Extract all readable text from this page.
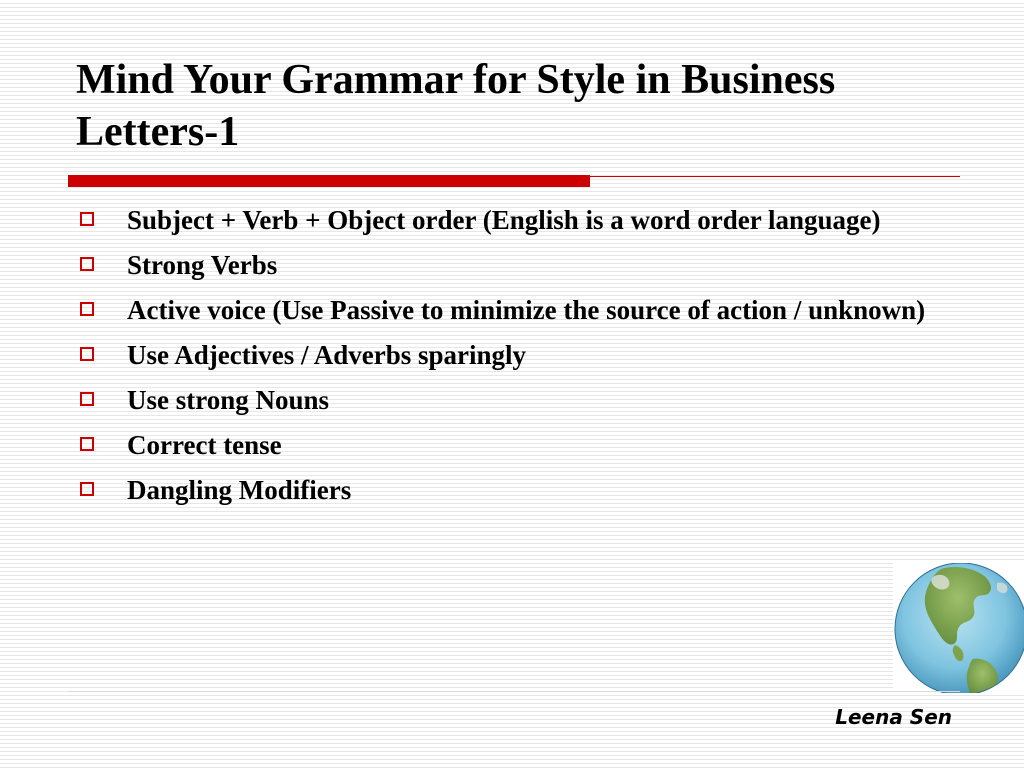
Mind Your Grammar for Style in Business Letters-1
Subject + Verb + Object order (English is a word order language)
Strong Verbs
Active voice (Use Passive to minimize the source of action / unknown)
Use Adjectives / Adverbs sparingly
Use strong Nouns
Correct tense
Dangling Modifiers
Leena Sen
